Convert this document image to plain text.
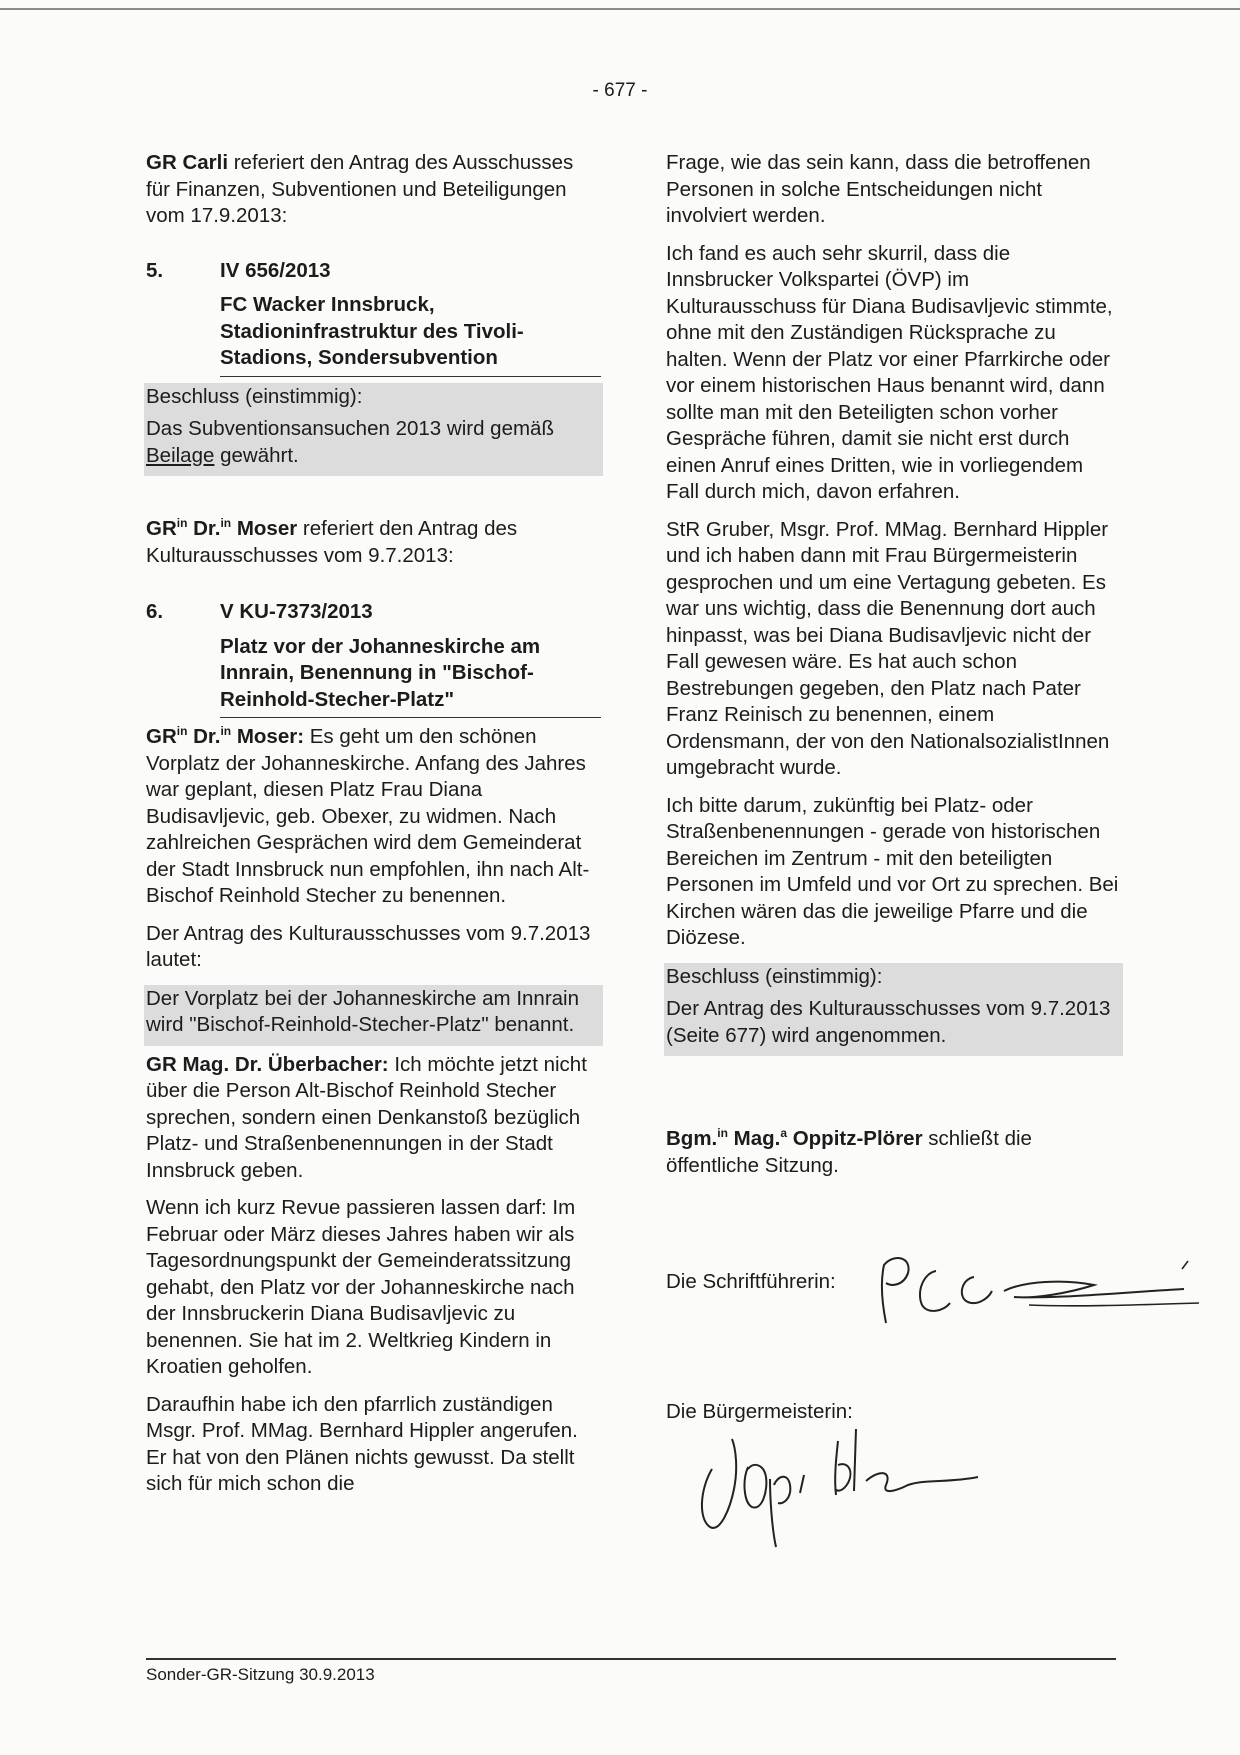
- 677 -

GR Carli referiert den Antrag des Ausschusses für Finanzen, Subventionen und Beteiligungen vom 17.9.2013:

5.	IV 656/2013
FC Wacker Innsbruck, Stadioninfrastruktur des Tivoli-Stadions, Sondersubvention

Beschluss (einstimmig):

Das Subventionsansuchen 2013 wird gemäß Beilage gewährt.

$GR^{in}$ Dr.$^{in}$ Moser referiert den Antrag des Kulturausschusses vom 9.7.2013:

6.	V KU-7373/2013
Platz vor der Johanneskirche am Innrain, Benennung in "Bischof-Reinhold-Stecher-Platz"

$GR^{in}$ Dr.$^{in}$ Moser: Es geht um den schönen Vorplatz der Johanneskirche. Anfang des Jahres war geplant, diesen Platz Frau Diana Budisavljevic, geb. Obexer, zu widmen. Nach zahlreichen Gesprächen wird dem Gemeinderat der Stadt Innsbruck nun empfohlen, ihn nach Alt-Bischof Reinhold Stecher zu benennen.

Der Antrag des Kulturausschusses vom 9.7.2013 lautet:

Der Vorplatz bei der Johanneskirche am Innrain wird "Bischof-Reinhold-Stecher-Platz" benannt.

GR Mag. Dr. Überbacher: Ich möchte jetzt nicht über die Person Alt-Bischof Reinhold Stecher sprechen, sondern einen Denkanstoß bezüglich Platz- und Straßenbenennungen in der Stadt Innsbruck geben.

Wenn ich kurz Revue passieren lassen darf: Im Februar oder März dieses Jahres haben wir als Tagesordnungspunkt der Gemeinderatssitzung gehabt, den Platz vor der Johanneskirche nach der Innsbruckerin Diana Budisavljevic zu benennen. Sie hat im 2. Weltkrieg Kindern in Kroatien geholfen.

Daraufhin habe ich den pfarrlich zuständigen Msgr. Prof. MMag. Bernhard Hippler angerufen. Er hat von den Plänen nichts gewusst. Da stellt sich für mich schon die

Frage, wie das sein kann, dass die betroffenen Personen in solche Entscheidungen nicht involviert werden.

Ich fand es auch sehr skurril, dass die Innsbrucker Volkspartei (ÖVP) im Kulturausschuss für Diana Budisavljevic stimmte, ohne mit den Zuständigen Rücksprache zu halten. Wenn der Platz vor einer Pfarrkirche oder vor einem historischen Haus benannt wird, dann sollte man mit den Beteiligten schon vorher Gespräche führen, damit sie nicht erst durch einen Anruf eines Dritten, wie in vorliegendem Fall durch mich, davon erfahren.

StR Gruber, Msgr. Prof. MMag. Bernhard Hippler und ich haben dann mit Frau Bürgermeisterin gesprochen und um eine Vertagung gebeten. Es war uns wichtig, dass die Benennung dort auch hinpasst, was bei Diana Budisavljevic nicht der Fall gewesen wäre. Es hat auch schon Bestrebungen gegeben, den Platz nach Pater Franz Reinisch zu benennen, einem Ordensmann, der von den NationalsozialistInnen umgebracht wurde.

Ich bitte darum, zukünftig bei Platz- oder Straßenbenennungen - gerade von historischen Bereichen im Zentrum - mit den beteiligten Personen im Umfeld und vor Ort zu sprechen. Bei Kirchen wären das die jeweilige Pfarre und die Diözese.

Beschluss (einstimmig):

Der Antrag des Kulturausschusses vom 9.7.2013 (Seite 677) wird angenommen.

Bgm.$^{in}$ Mag.$^a$ Oppitz-Plörer schließt die öffentliche Sitzung.

Die Schriftführerin:
Die Bürgermeisterin:
Sonder-GR-Sitzung 30.9.2013
